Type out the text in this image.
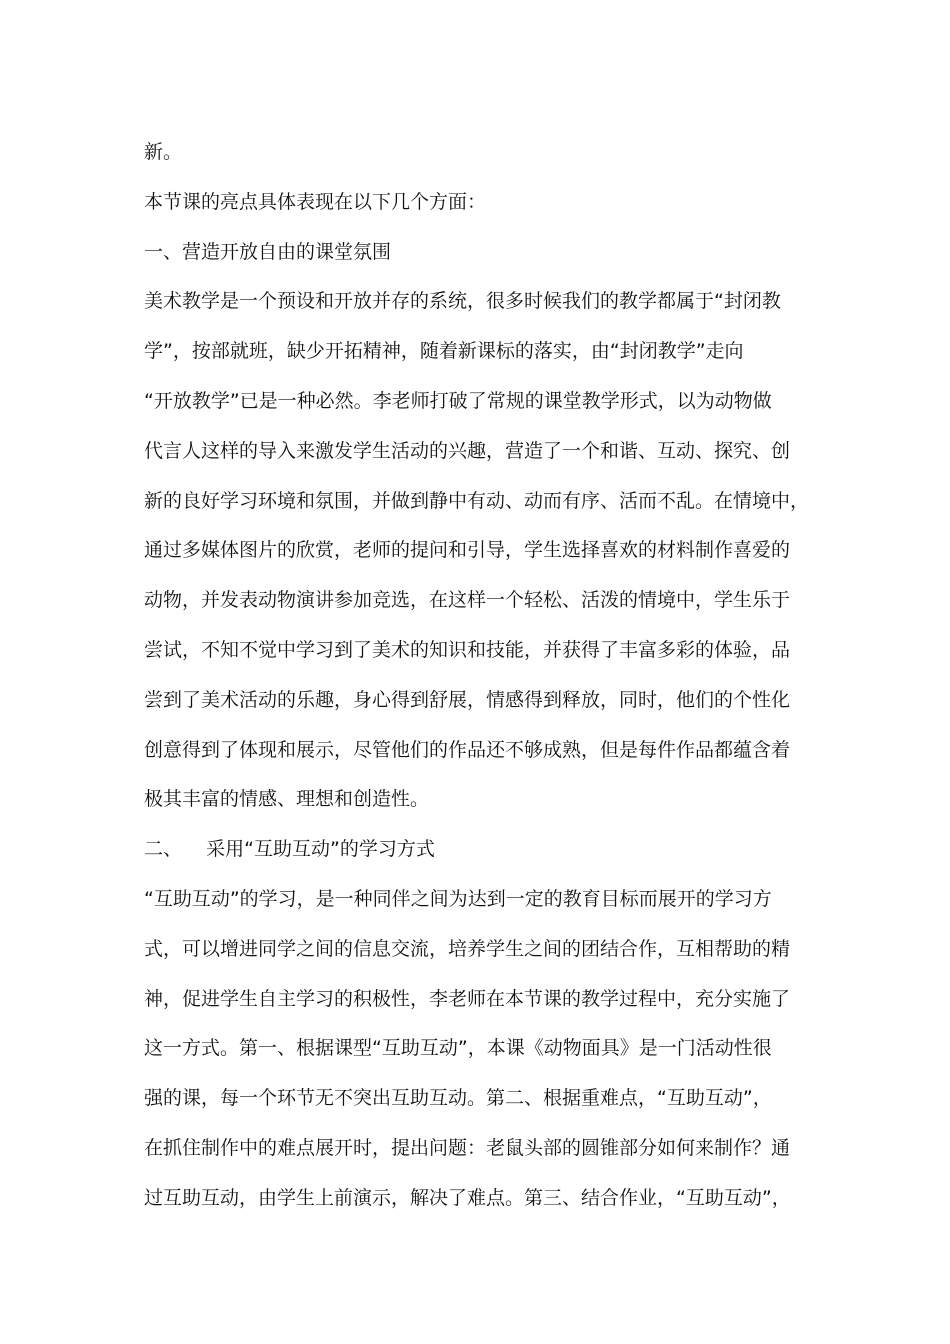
新。
本节课的亮点具体表现在以下几个方面：
一、营造开放自由的课堂氛围
美术教学是一个预设和开放并存的系统，很多时候我们的教学都属于“封闭教
学”，按部就班，缺少开拓精神，随着新课标的落实，由“封闭教学”走向
“开放教学”已是一种必然。李老师打破了常规的课堂教学形式，以为动物做
代言人这样的导入来激发学生活动的兴趣，营造了一个和谐、互动、探究、创
新的良好学习环境和氛围，并做到静中有动、动而有序、活而不乱。在情境中，
通过多媒体图片的欣赏，老师的提问和引导，学生选择喜欢的材料制作喜爱的
动物，并发表动物演讲参加竞选，在这样一个轻松、活泼的情境中，学生乐于
尝试，不知不觉中学习到了美术的知识和技能，并获得了丰富多彩的体验，品
尝到了美术活动的乐趣，身心得到舒展，情感得到释放，同时，他们的个性化
创意得到了体现和展示，尽管他们的作品还不够成熟，但是每件作品都蕴含着
极其丰富的情感、理想和创造性。
二、    采用“互助互动”的学习方式
“互助互动”的学习，是一种同伴之间为达到一定的教育目标而展开的学习方
式，可以增进同学之间的信息交流，培养学生之间的团结合作，互相帮助的精
神，促进学生自主学习的积极性，李老师在本节课的教学过程中，充分实施了
这一方式。第一、根据课型“互助互动”，本课《动物面具》是一门活动性很
强的课，每一个环节无不突出互助互动。第二、根据重难点，“互助互动”，
在抓住制作中的难点展开时，提出问题：老鼠头部的圆锥部分如何来制作？通
过互助互动，由学生上前演示，解决了难点。第三、结合作业，“互助互动”，
